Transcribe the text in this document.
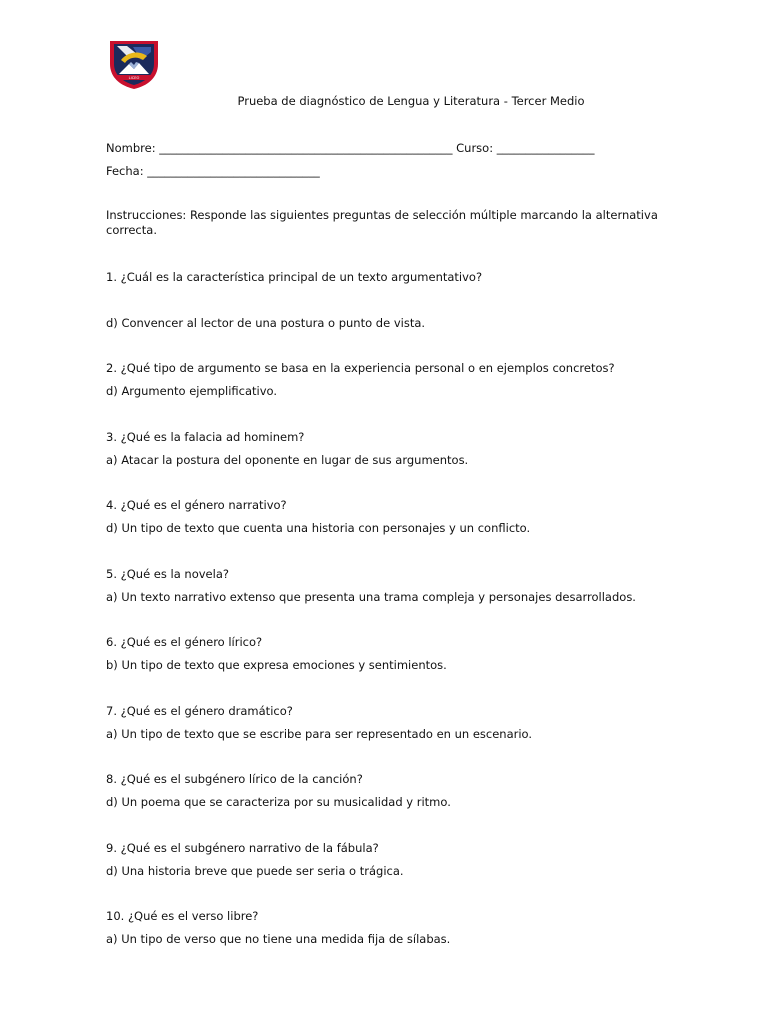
LICEO
Prueba de diagnóstico de Lengua y Literatura - Tercer Medio
Nombre: ___________________________________________________ Curso: _________________
Fecha: ______________________________
Instrucciones: Responde las siguientes preguntas de selección múltiple marcando la alternativa correcta.
1. ¿Cuál es la característica principal de un texto argumentativo?
d) Convencer al lector de una postura o punto de vista.
2. ¿Qué tipo de argumento se basa en la experiencia personal o en ejemplos concretos?
d) Argumento ejemplificativo.
3. ¿Qué es la falacia ad hominem?
a) Atacar la postura del oponente en lugar de sus argumentos.
4. ¿Qué es el género narrativo?
d) Un tipo de texto que cuenta una historia con personajes y un conflicto.
5. ¿Qué es la novela?
a) Un texto narrativo extenso que presenta una trama compleja y personajes desarrollados.
6. ¿Qué es el género lírico?
b) Un tipo de texto que expresa emociones y sentimientos.
7. ¿Qué es el género dramático?
a) Un tipo de texto que se escribe para ser representado en un escenario.
8. ¿Qué es el subgénero lírico de la canción?
d) Un poema que se caracteriza por su musicalidad y ritmo.
9. ¿Qué es el subgénero narrativo de la fábula?
d) Una historia breve que puede ser seria o trágica.
10. ¿Qué es el verso libre?
a) Un tipo de verso que no tiene una medida fija de sílabas.
